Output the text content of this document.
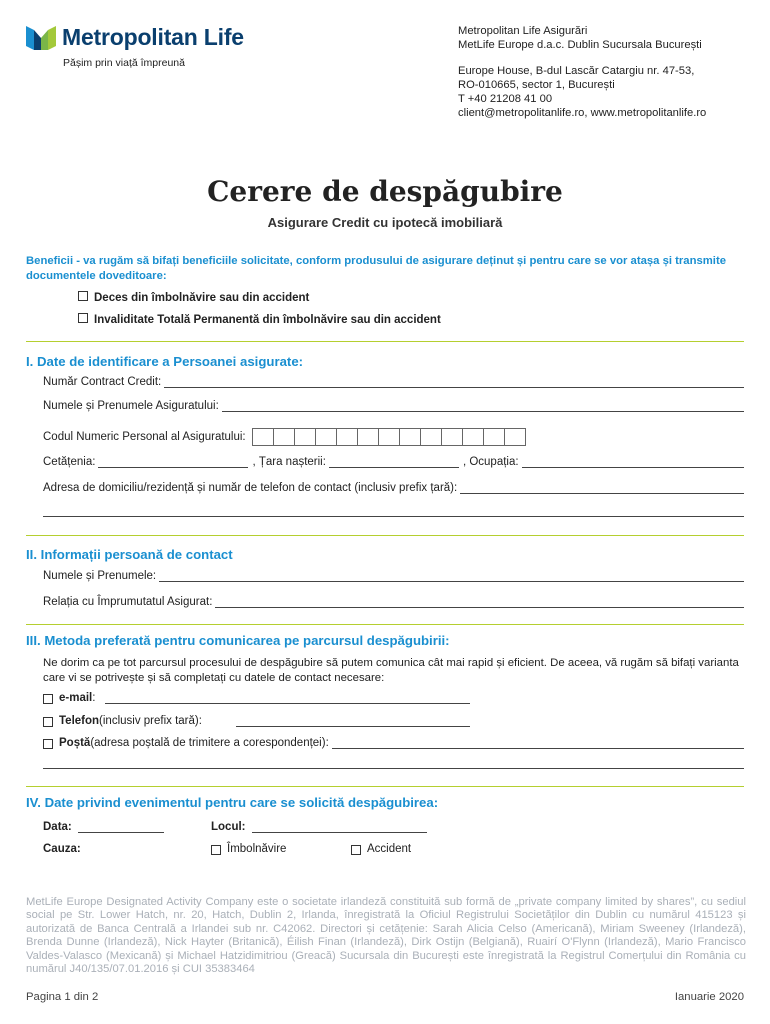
Metropolitan Life
Pășim prin viață împreună
Metropolitan Life Asigurări
MetLife Europe d.a.c. Dublin Sucursala București
Europe House, B-dul Lascăr Catargiu nr. 47-53,
RO-010665, sector 1, București
T +40 21208 41 00
client@metropolitanlife.ro, www.metropolitanlife.ro
Cerere de despăgubire
Asigurare Credit cu ipotecă imobiliară
Beneficii - va rugăm să bifați beneficiile solicitate, conform produsului de asigurare deținut și pentru care se vor atașa și transmite documentele doveditoare:
Deces din îmbolnăvire sau din accident
Invaliditate Totală Permanentă din îmbolnăvire sau din accident
I. Date de identificare a Persoanei asigurate:
Număr Contract Credit:
Numele și Prenumele Asiguratului:
Codul Numeric Personal al Asiguratului:
Cetățenia:	, Țara nașterii:	, Ocupația:
Adresa de domiciliu/rezidență și număr de telefon de contact (inclusiv prefix țară):
II. Informații persoană de contact
Numele și Prenumele:
Relația cu Împrumutatul Asigurat:
III. Metoda preferată pentru comunicarea pe parcursul despăgubirii:
Ne dorim ca pe tot parcursul procesului de despăgubire să putem comunica cât mai rapid și eficient. De aceea, vă rugăm să bifați varianta care vi se potrivește și să completați cu datele de contact necesare:
e-mail :
Telefon (inclusiv prefix tară):
Poștă (adresa poștală de trimitere a corespondenței):
IV. Date privind evenimentul pentru care se solicită despăgubirea:
Data:	Locul:
Cauza:	Îmbolnăvire	Accident
MetLife Europe Designated Activity Company este o societate irlandeză constituită sub formă de „private company limited by shares”, cu sediul social pe Str. Lower Hatch, nr. 20, Hatch, Dublin 2, Irlanda, înregistrată la Oficiul Registrului Societăților din Dublin cu numărul 415123 și autorizată de Banca Centrală a Irlandei sub nr. C42062. Directori și cetățenie: Sarah Alicia Celso (Americană), Miriam Sweeney (Irlandeză), Brenda Dunne (Irlandeză), Nick Hayter (Britanică), Éilish Finan (Irlandeză), Dirk Ostijn (Belgiană), Ruairí O'Flynn (Irlandeză), Mario Francisco Valdes-Valasco (Mexicană) și Michael Hatzidimitriou (Greacă) Sucursala din București este înregistrată la Registrul Comerțului din România cu numărul J40/135/07.01.2016 și CUI 35383464
Pagina 1 din 2	Ianuarie 2020
